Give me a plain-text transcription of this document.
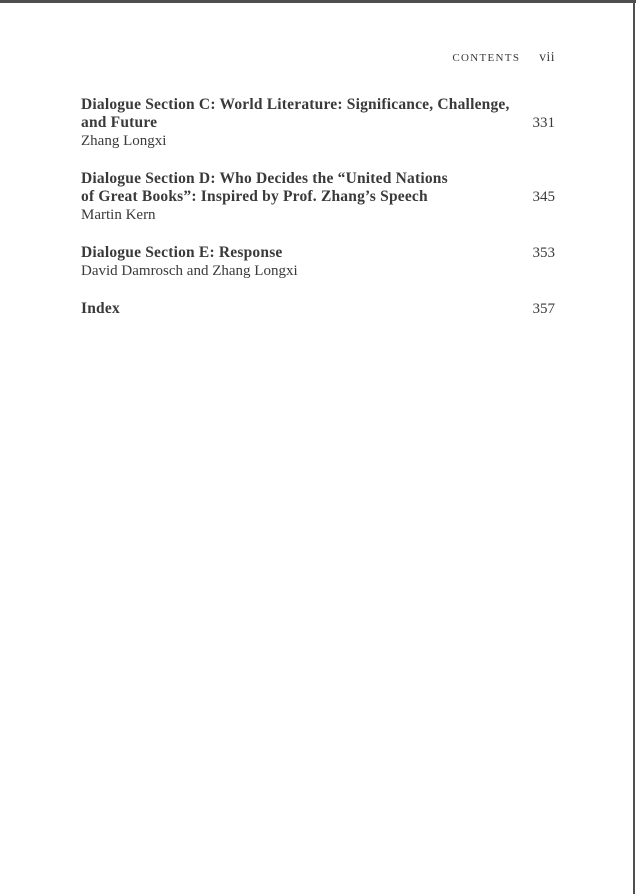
CONTENTS vii
Dialogue Section C: World Literature: Significance, Challenge,
and Future	331
Zhang Longxi
Dialogue Section D: Who Decides the “United Nations
of Great Books”: Inspired by Prof. Zhang’s Speech	345
Martin Kern
Dialogue Section E: Response	353
David Damrosch and Zhang Longxi
Index	357
